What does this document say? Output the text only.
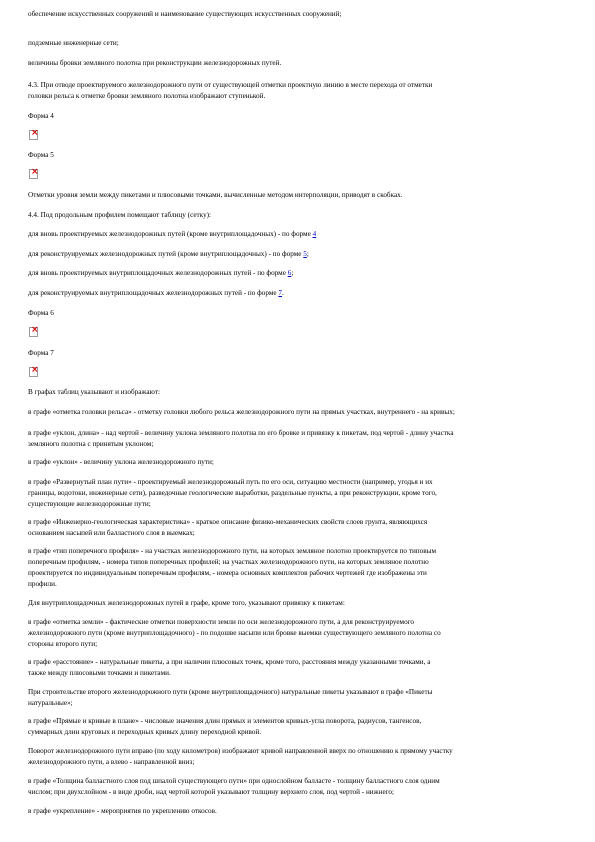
обеспечение искусственных сооружений и наименование существующих искусственных сооружений;
подземные инженерные сети;
величины бровки земляного полотна при реконструкции железнодорожных путей.
4.3. При отводе проектируемого железнодорожного пути от существующей отметки проектную линию в месте перехода от отметки
головки рельса к отметке бровки земляного полотна изображают ступенькой.
Форма 4
×
Форма 5
×
Отметки уровня земли между пикетами и плюсовыми точками, вычисленные методом интерполяции, приводят в скобках.
4.4. Под продольным профилем помещают таблицу (сетку):
для вновь проектируемых железнодорожных путей (кроме внутриплощадочных) - по форме 4
для реконструируемых железнодорожных путей (кроме внутриплощадочных) - по форме 5;
для вновь проектируемых внутриплощадочных железнодорожных путей - по форме 6;
для реконструируемых внутриплощадочных железнодорожных путей - по форме 7.
Форма 6
×
Форма 7
×
В графах таблиц указывают и изображают:
в графе «отметка головки рельса» - отметку головки любого рельса железнодорожного пути на прямых участках, внутреннего - на кривых;
в графе «уклон, длина» - над чертой - величину уклона земляного полотна по его бровке и привязку к пикетам, под чертой - длину участка
земляного полотна с принятым уклоном;
в графе «уклон» - величину уклона железнодорожного пути;
в графе «Развернутый план пути» - проектируемый железнодорожный путь по его оси, ситуацию местности (например, угодья и их
границы, водотоки, инженерные сети), разведочные геологические выработки, раздельные пункты, а при реконструкции, кроме того,
существующие железнодорожные пути;
в графе «Инженерно-геологическая характеристика» - краткое описание физико-механических свойств слоев грунта, являющихся
основанием насыпей или балластного слоя в выемках;
в графе «тип поперечного профиля» - на участках железнодорожного пути, на которых земляное полотно проектируется по типовым
поперечным профилям, - номера типов поперечных профилей; на участках железнодорожного пути, на которых земляное полотно
проектируется по индивидуальным поперечным профилям, - номера основных комплектов рабочих чертежей где изображены эти
профили.
Для внутриплощадочных железнодорожных путей в графе, кроме того, указывают привязку к пикетам:
в графе «отметка земли» - фактические отметки поверхности земли по оси железнодорожного пути, а для реконструируемого
железнодорожного пути (кроме внутриплощадочного) - по подошве насыпи или бровке выемки существующего земляного полотна со
стороны второго пути;
в графе «расстояние» - натуральные пикеты, а при наличии плюсовых точек, кроме того, расстояния между указанными точками, а
также между плюсовыми точками и пикетами.
При строительстве второго железнодорожного пути (кроме внутриплощадочного) натуральные пикеты указывают в графе «Пикеты
натуральные»;
в графе «Прямые и кривые в плане» - числовые значения длин прямых и элементов кривых-угла поворота, радиусов, тангенсов,
суммарных длин круговых и переходных кривых длину переходной кривой.
Поворот железнодорожного пути вправо (по ходу километров) изображают кривой направленной вверх по отношению к прямому участку
железнодорожного пути, а влево - направленной вниз;
в графе «Толщина балластного слоя под шпалой существующего пути» при однослойном балласте - толщину балластного слоя одним
числом; при двухслойном - в виде дроби, над чертой которой указывают толщину верхнего слоя, под чертой - нижнего;
в графе «укрепление» - мероприятия по укреплению откосов.
